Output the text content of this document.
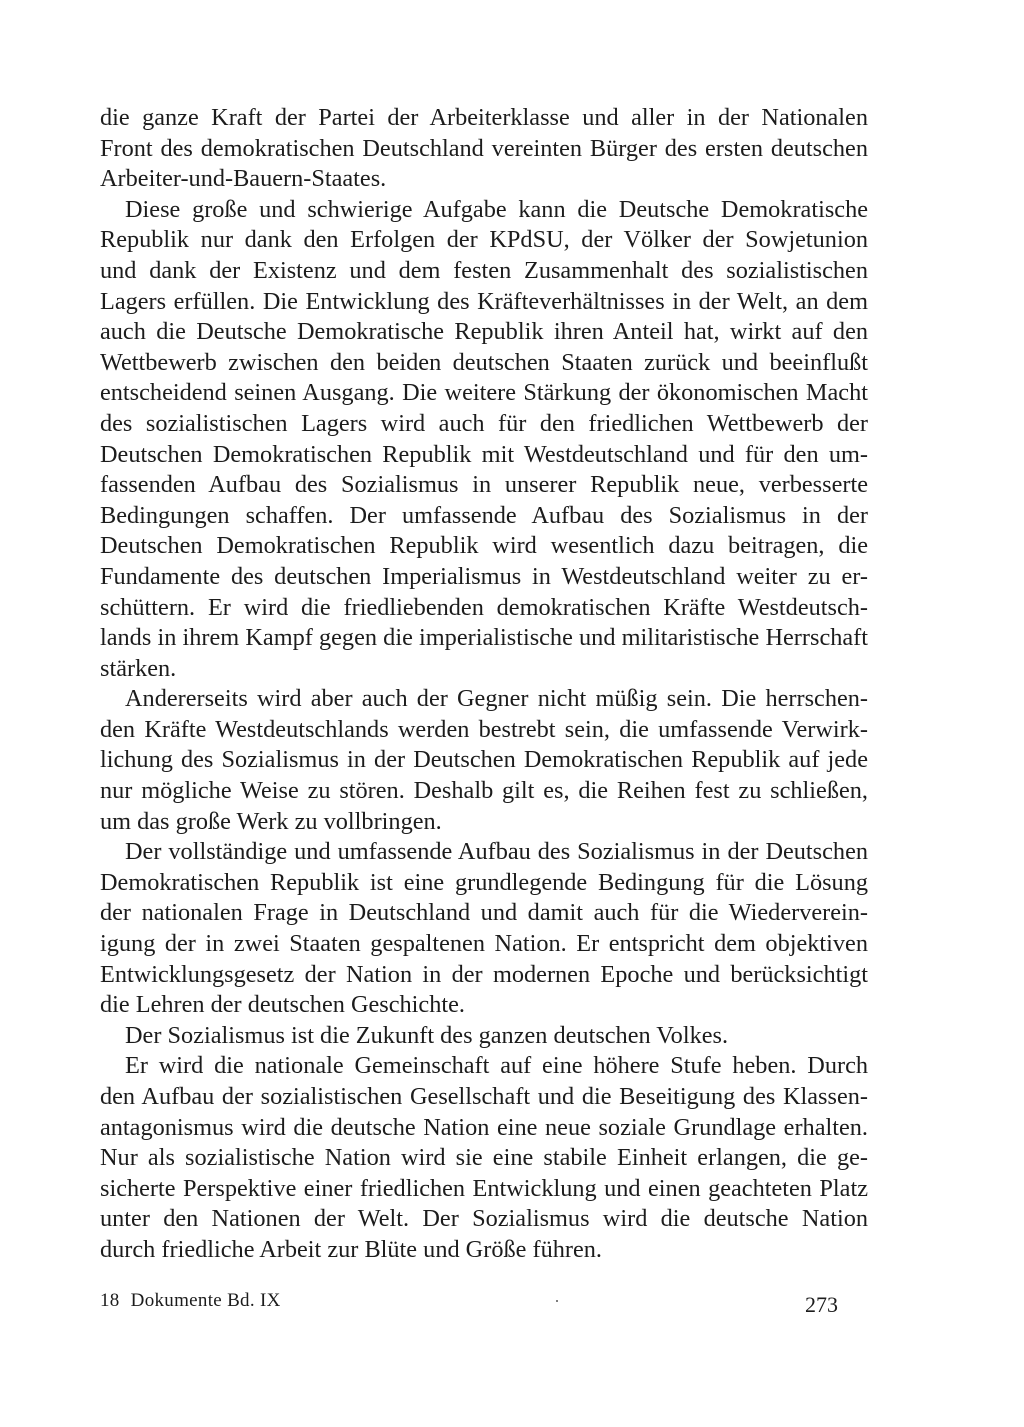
die ganze Kraft der Partei der Arbeiterklasse und aller in der Nationalen
Front des demokratischen Deutschland vereinten Bürger des ersten deutschen
Arbeiter-und-Bauern-Staates.
Diese große und schwierige Aufgabe kann die Deutsche Demokratische
Republik nur dank den Erfolgen der KPdSU, der Völker der Sowjetunion
und dank der Existenz und dem festen Zusammenhalt des sozialistischen
Lagers erfüllen. Die Entwicklung des Kräfteverhältnisses in der Welt, an dem
auch die Deutsche Demokratische Republik ihren Anteil hat, wirkt auf den
Wettbewerb zwischen den beiden deutschen Staaten zurück und beeinflußt
entscheidend seinen Ausgang. Die weitere Stärkung der ökonomischen Macht
des sozialistischen Lagers wird auch für den friedlichen Wettbewerb der
Deutschen Demokratischen Republik mit Westdeutschland und für den um-
fassenden Aufbau des Sozialismus in unserer Republik neue, verbesserte
Bedingungen schaffen. Der umfassende Aufbau des Sozialismus in der
Deutschen Demokratischen Republik wird wesentlich dazu beitragen, die
Fundamente des deutschen Imperialismus in Westdeutschland weiter zu er-
schüttern. Er wird die friedliebenden demokratischen Kräfte Westdeutsch-
lands in ihrem Kampf gegen die imperialistische und militaristische Herrschaft
stärken.
Andererseits wird aber auch der Gegner nicht müßig sein. Die herrschen-
den Kräfte Westdeutschlands werden bestrebt sein, die umfassende Verwirk-
lichung des Sozialismus in der Deutschen Demokratischen Republik auf jede
nur mögliche Weise zu stören. Deshalb gilt es, die Reihen fest zu schließen,
um das große Werk zu vollbringen.
Der vollständige und umfassende Aufbau des Sozialismus in der Deutschen
Demokratischen Republik ist eine grundlegende Bedingung für die Lösung
der nationalen Frage in Deutschland und damit auch für die Wiederverein-
igung der in zwei Staaten gespaltenen Nation. Er entspricht dem objektiven
Entwicklungsgesetz der Nation in der modernen Epoche und berücksichtigt
die Lehren der deutschen Geschichte.
Der Sozialismus ist die Zukunft des ganzen deutschen Volkes.
Er wird die nationale Gemeinschaft auf eine höhere Stufe heben. Durch
den Aufbau der sozialistischen Gesellschaft und die Beseitigung des Klassen-
antagonismus wird die deutsche Nation eine neue soziale Grundlage erhalten.
Nur als sozialistische Nation wird sie eine stabile Einheit erlangen, die ge-
sicherte Perspektive einer friedlichen Entwicklung und einen geachteten Platz
unter den Nationen der Welt. Der Sozialismus wird die deutsche Nation
durch friedliche Arbeit zur Blüte und Größe führen.
18 Dokumente Bd. IX	273
